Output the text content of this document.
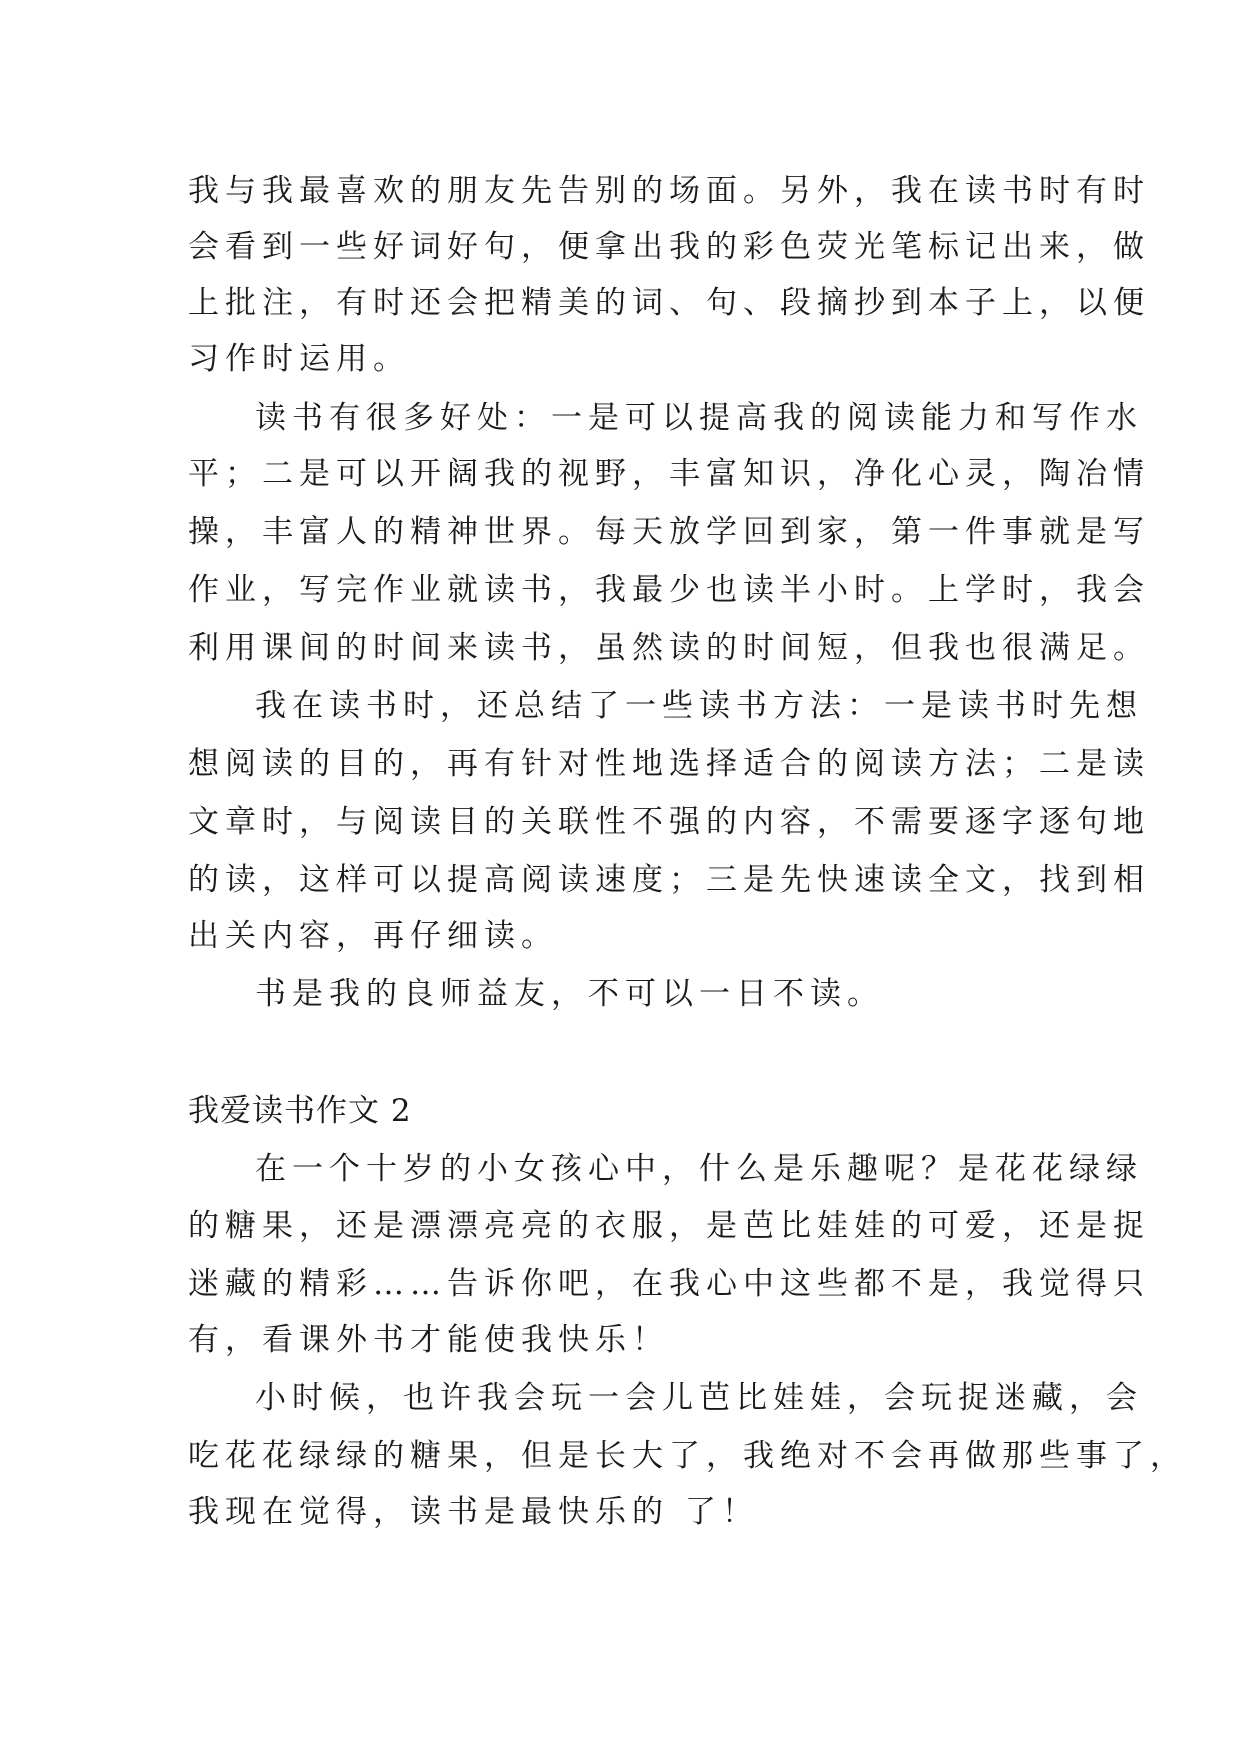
我与我最喜欢的朋友先告别的场面。另外，我在读书时有时
会看到一些好词好句，便拿出我的彩色荧光笔标记出来，做
上批注，有时还会把精美的词、句、段摘抄到本子上，以便
习作时运用。
读书有很多好处：一是可以提高我的阅读能力和写作水
平；二是可以开阔我的视野，丰富知识，净化心灵，陶冶情
操，丰富人的精神世界。每天放学回到家，第一件事就是写
作业，写完作业就读书，我最少也读半小时。上学时，我会
利用课间的时间来读书，虽然读的时间短，但我也很满足。
我在读书时，还总结了一些读书方法：一是读书时先想
想阅读的目的，再有针对性地选择适合的阅读方法；二是读
文章时，与阅读目的关联性不强的内容，不需要逐字逐句地
的读，这样可以提高阅读速度；三是先快速读全文，找到相
出关内容，再仔细读。
书是我的良师益友，不可以一日不读。
我爱读书作文 2
在一个十岁的小女孩心中，什么是乐趣呢？是花花绿绿
的糖果，还是漂漂亮亮的衣服，是芭比娃娃的可爱，还是捉
迷藏的精彩……告诉你吧，在我心中这些都不是，我觉得只
有，看课外书才能使我快乐！
小时候，也许我会玩一会儿芭比娃娃，会玩捉迷藏，会
吃花花绿绿的糖果，但是长大了，我绝对不会再做那些事了，
我现在觉得，读书是最快乐的 了！
